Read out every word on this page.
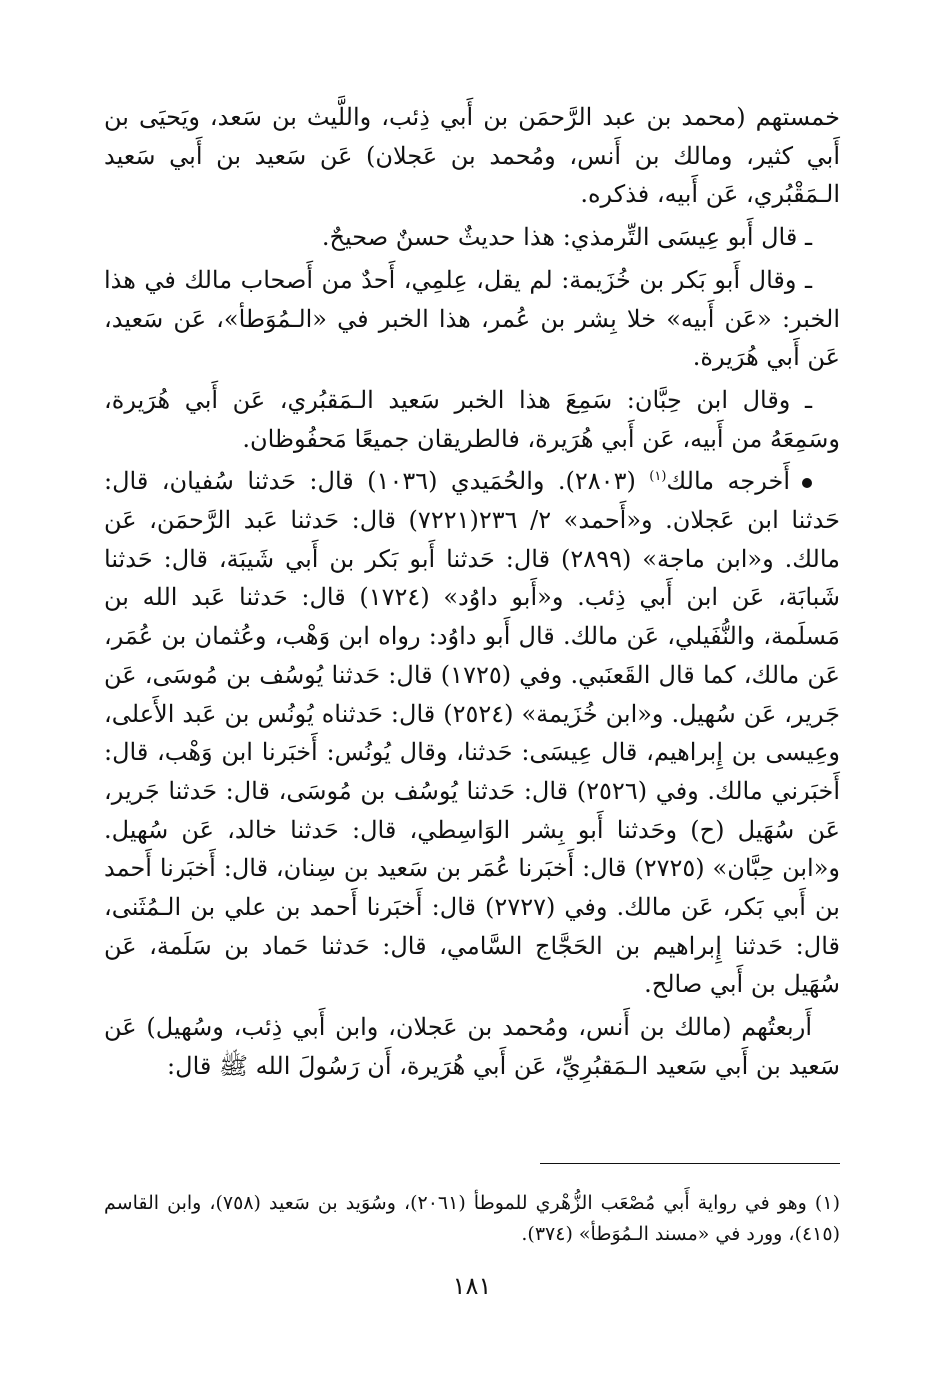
خمستهم (محمد بن عبد الرَّحمَن بن أَبي ذِئب، واللَّيث بن سَعد، ويَحيَى بن أَبي كثير، ومالك بن أَنس، ومُحمد بن عَجلان) عَن سَعيد بن أَبي سَعيد الـمَقْبُري، عَن أَبيه، فذكره.

ـ قال أَبو عِيسَى التِّرمذي: هذا حديثٌ حسنٌ صحيحٌ.

ـ وقال أَبو بَكر بن خُزَيمة: لم يقل، عِلمِي، أَحدٌ من أَصحاب مالك في هذا الخبر: «عَن أَبيه» خلا بِشر بن عُمر، هذا الخبر في «الـمُوَطأ»، عَن سَعيد، عَن أَبي هُرَيرة.

ـ وقال ابن حِبَّان: سَمِعَ هذا الخبر سَعيد الـمَقبُري، عَن أَبي هُرَيرة، وسَمِعَهُ من أَبيه، عَن أَبي هُرَيرة، فالطريقان جميعًا مَحفُوظان.

أَخرجه مالك$^{(١)}$ (٢٨٠٣). والحُمَيدي (١٠٣٦) قال: حَدثنا سُفيان، قال: حَدثنا ابن عَجلان. و«أَحمد» ٢/ ٢٣٦(٧٢٢١) قال: حَدثنا عَبد الرَّحمَن، عَن مالك. و«ابن ماجة» (٢٨٩٩) قال: حَدثنا أَبو بَكر بن أَبي شَيبَة، قال: حَدثنا شَبابَة، عَن ابن أَبي ذِئب. و«أَبو داوُد» (١٧٢٤) قال: حَدثنا عَبد الله بن مَسلَمة، والنُّفَيلي، عَن مالك. قال أَبو داوُد: رواه ابن وَهْب، وعُثمان بن عُمَر، عَن مالك، كما قال القَعنَبي. وفي (١٧٢٥) قال: حَدثنا يُوسُف بن مُوسَى، عَن جَرير، عَن سُهيل. و«ابن خُزَيمة» (٢٥٢٤) قال: حَدثناه يُونُس بن عَبد الأَعلى، وعِيسى بن إِبراهيم، قال عِيسَى: حَدثنا، وقال يُونُس: أَخبَرنا ابن وَهْب، قال: أَخبَرني مالك. وفي (٢٥٢٦) قال: حَدثنا يُوسُف بن مُوسَى، قال: حَدثنا جَرير، عَن سُهَيل (ح) وحَدثنا أَبو بِشر الوَاسِطي، قال: حَدثنا خالد، عَن سُهيل. و«ابن حِبَّان» (٢٧٢٥) قال: أَخبَرنا عُمَر بن سَعيد بن سِنان، قال: أَخبَرنا أَحمد بن أَبي بَكر، عَن مالك. وفي (٢٧٢٧) قال: أَخبَرنا أَحمد بن علي بن الـمُثَنى، قال: حَدثنا إِبراهيم بن الحَجَّاج السَّامي، قال: حَدثنا حَماد بن سَلَمة، عَن سُهَيل بن أَبي صالح.

أَربعتُهم (مالك بن أَنس، ومُحمد بن عَجلان، وابن أَبي ذِئب، وسُهيل) عَن سَعيد بن أَبي سَعيد الـمَقبُرِيِّ، عَن أَبي هُرَيرة، أَن رَسُولَ الله ﷺ قال:

(١) وهو في رواية أَبي مُصْعَب الزُّهْري للموطأ (٢٠٦١)، وسُوَيد بن سَعيد (٧٥٨)، وابن القاسم (٤١٥)، وورد في «مسند الـمُوَطأ» (٣٧٤).

١٨١
